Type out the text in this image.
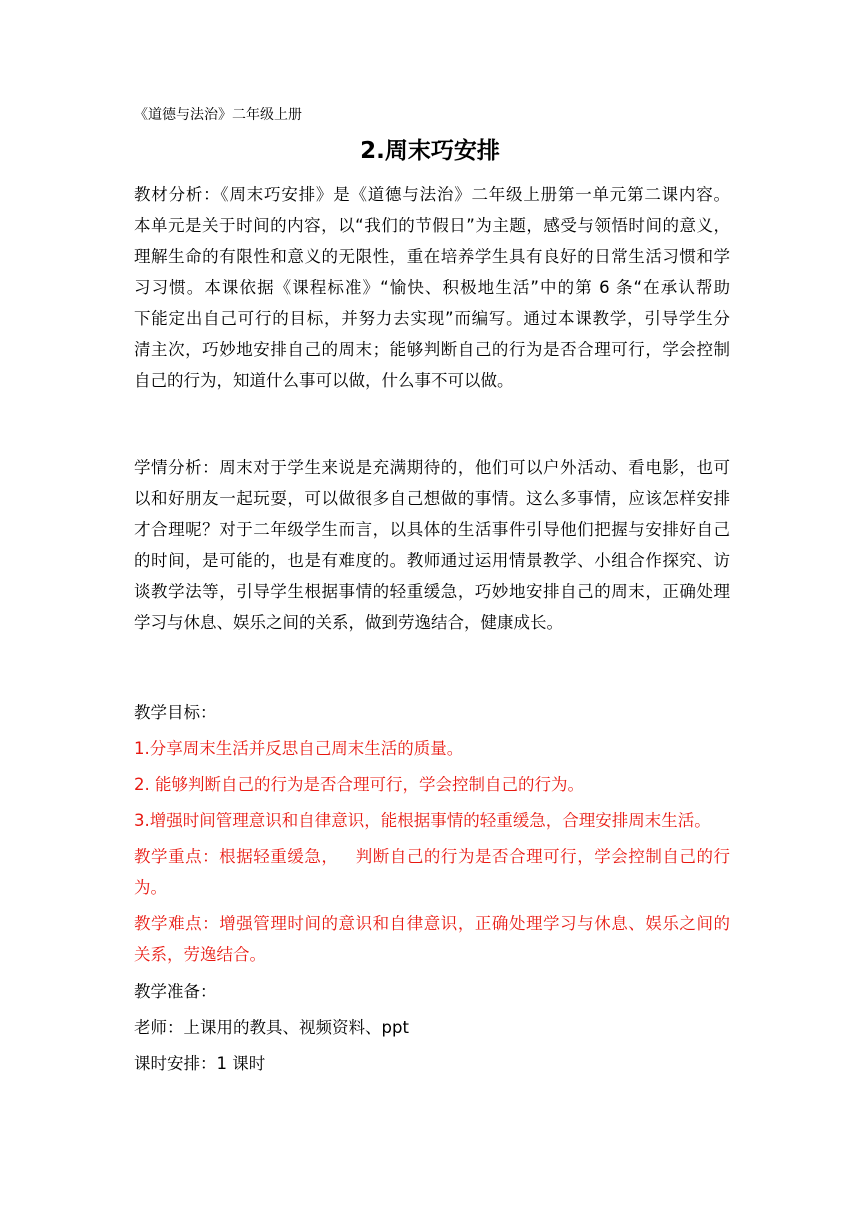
《道德与法治》二年级上册
2.周末巧安排
教材分析：《周末巧安排》是《道德与法治》二年级上册第一单元第二课内容。
本单元是关于时间的内容，以“我们的节假日”为主题，感受与领悟时间的意义，
理解生命的有限性和意义的无限性，重在培养学生具有良好的日常生活习惯和学
习习惯。本课依据《课程标准》“愉快、积极地生活”中的第 6 条“在承认帮助
下能定出自己可行的目标，并努力去实现”而编写。通过本课教学，引导学生分
清主次，巧妙地安排自己的周末；能够判断自己的行为是否合理可行，学会控制
自己的行为，知道什么事可以做，什么事不可以做。
学情分析：周末对于学生来说是充满期待的，他们可以户外活动、看电影，也可
以和好朋友一起玩耍，可以做很多自己想做的事情。这么多事情，应该怎样安排
才合理呢？对于二年级学生而言，以具体的生活事件引导他们把握与安排好自己
的时间，是可能的，也是有难度的。教师通过运用情景教学、小组合作探究、访
谈教学法等，引导学生根据事情的轻重缓急，巧妙地安排自己的周末，正确处理
学习与休息、娱乐之间的关系，做到劳逸结合，健康成长。
教学目标：
1.分享周末生活并反思自己周末生活的质量。
2. 能够判断自己的行为是否合理可行，学会控制自己的行为。
3.增强时间管理意识和自律意识，能根据事情的轻重缓急，合理安排周末生活。
教学重点：根据轻重缓急，   判断自己的行为是否合理可行，学会控制自己的行
为。
教学难点：增强管理时间的意识和自律意识，正确处理学习与休息、娱乐之间的
关系，劳逸结合。
教学准备：
老师：上课用的教具、视频资料、ppt
课时安排：1 课时
